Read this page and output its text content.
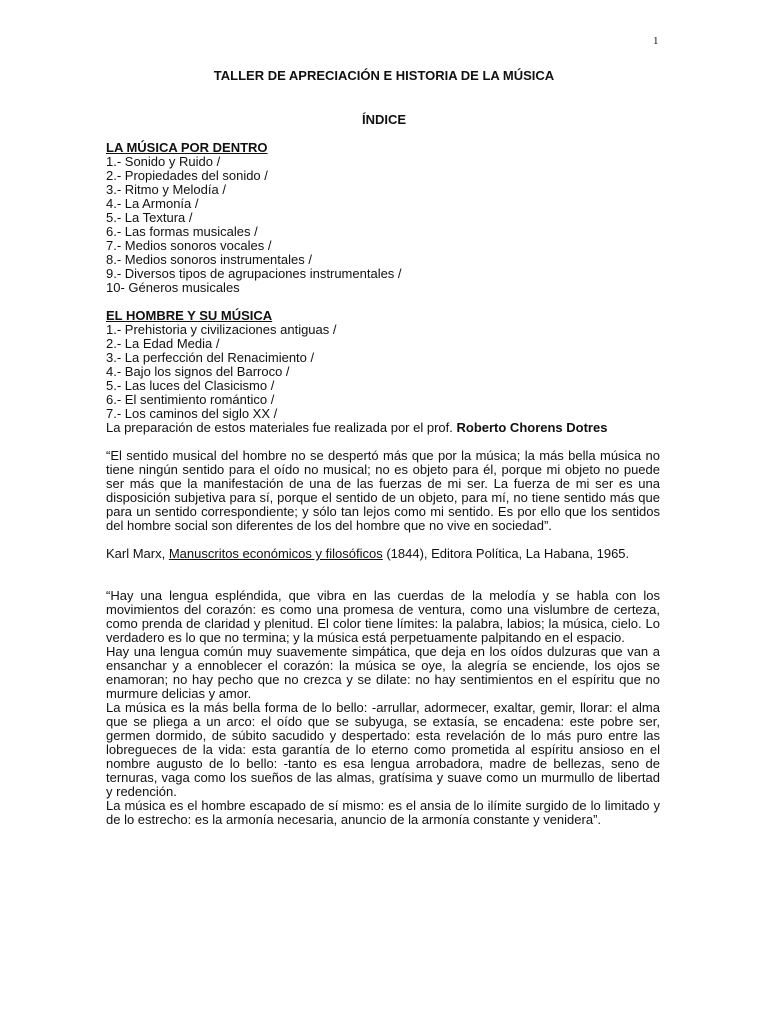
1
TALLER DE APRECIACIÓN E HISTORIA DE LA MÚSICA
ÍNDICE
LA MÚSICA POR DENTRO
1.- Sonido y Ruido /
2.- Propiedades del sonido /
3.- Ritmo y Melodía /
4.- La Armonía /
5.- La Textura /
6.- Las formas musicales /
7.- Medios sonoros vocales /
8.- Medios sonoros instrumentales /
9.- Diversos tipos de agrupaciones instrumentales /
10- Géneros musicales
EL HOMBRE Y SU MÚSICA
1.- Prehistoria y civilizaciones antiguas /
2.- La Edad Media /
3.- La perfección del Renacimiento /
4.- Bajo los signos del Barroco /
5.- Las luces del Clasicismo /
6.- El sentimiento romántico /
7.- Los caminos del siglo XX /

La preparación de estos materiales fue realizada por el prof. Roberto Chorens Dotres

“El sentido musical del hombre no se despertó más que por la música; la más bella música no tiene ningún sentido para el oído no musical; no es objeto para él, porque mi objeto no puede ser más que la manifestación de una de las fuerzas de mi ser. La fuerza de mi ser es una disposición subjetiva para sí, porque el sentido de un objeto, para mí, no tiene sentido más que para un sentido correspondiente; y sólo tan lejos como mi sentido. Es por ello que los sentidos del hombre social son diferentes de los del hombre que no vive en sociedad”.

Karl Marx, Manuscritos económicos y filosóficos (1844), Editora Política, La Habana, 1965.

“Hay una lengua espléndida, que vibra en las cuerdas de la melodía y se habla con los movimientos del corazón: es como una promesa de ventura, como una vislumbre de certeza, como prenda de claridad y plenitud. El color tiene límites: la palabra, labios; la música, cielo. Lo verdadero es lo que no termina; y la música está perpetuamente palpitando en el espacio.

Hay una lengua común muy suavemente simpática, que deja en los oídos dulzuras que van a ensanchar y a ennoblecer el corazón: la música se oye, la alegría se enciende, los ojos se enamoran; no hay pecho que no crezca y se dilate: no hay sentimientos en el espíritu que no murmure delicias y amor.

La música es la más bella forma de lo bello: -arrullar, adormecer, exaltar, gemir, llorar: el alma que se pliega a un arco: el oído que se subyuga, se extasía, se encadena: este pobre ser, germen dormido, de súbito sacudido y despertado: esta revelación de lo más puro entre las lobregueces de la vida: esta garantía de lo eterno como prometida al espíritu ansioso en el nombre augusto de lo bello: -tanto es esa lengua arrobadora, madre de bellezas, seno de ternuras, vaga como los sueños de las almas, gratísima y suave como un murmullo de libertad y redención.

La música es el hombre escapado de sí mismo: es el ansia de lo ilímite surgido de lo limitado y de lo estrecho: es la armonía necesaria, anuncio de la armonía constante y venidera”.
